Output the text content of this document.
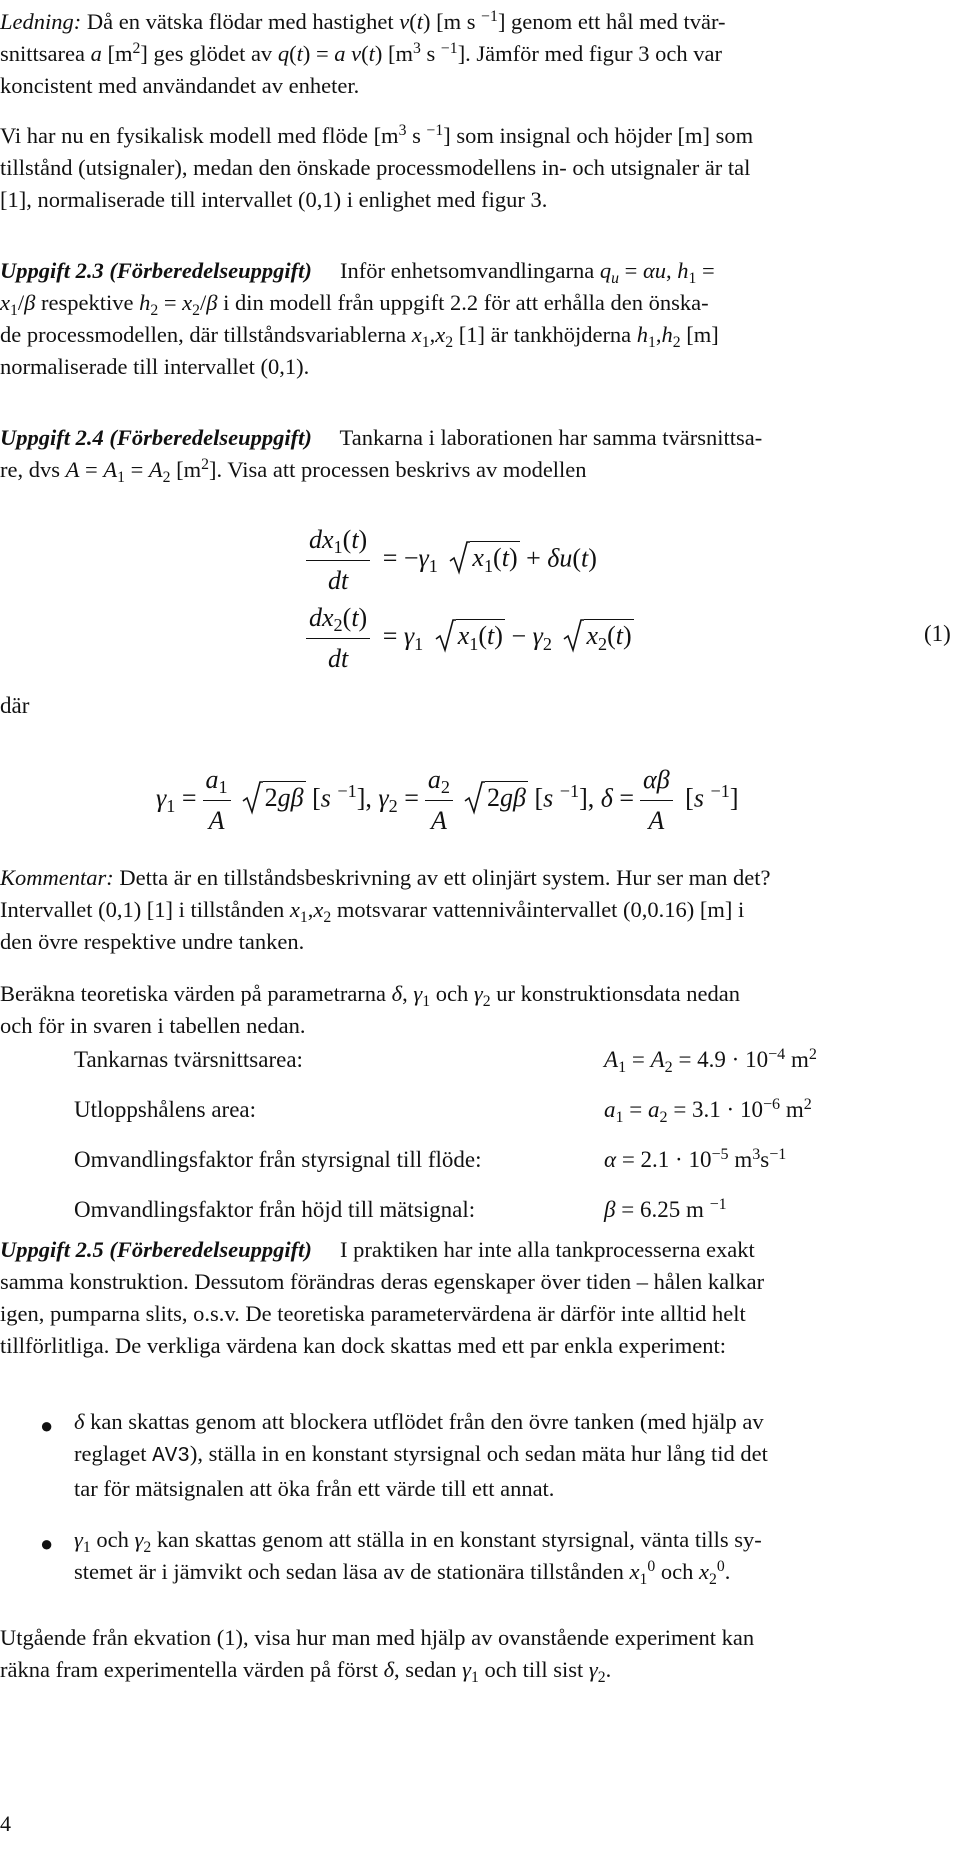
Ledning: Då en vätska flödar med hastighet v(t) [m s $^{-1}$] genom ett hål med tvär-
snittsarea a $[m^2]$ ges glödet av q(t) = a v(t) [$m^3$ s $^{-1}$]. Jämför med figur 3 och var
koncistent med användandet av enheter.

Vi har nu en fysikalisk modell med flöde [$m^3$ s $^{-1}$] som insignal och höjder [m] som
tillstånd (utsignaler), medan den önskade processmodellens in- och utsignaler är tal
[1], normaliserade till intervallet (0,1) i enlighet med figur 3.

Uppgift 2.3 (Förberedelseuppgift)     Inför enhetsomvandlingarna $q_u = \alpha u$, $h_1$ =
$x_1/\beta$ respektive $h_2 = x_2/\beta$ i din modell från uppgift 2.2 för att erhålla den önska-
de processmodellen, där tillståndsvariablerna $x_1,x_2$ [1] är tankhöjderna $h_1,h_2$ [m]
normaliserade till intervallet (0,1).

Uppgift 2.4 (Förberedelseuppgift)     Tankarna i laborationen har samma tvärsnittsa-
re, dvs $A = A_1 = A_2$ $[m^2]$. Visa att processen beskrivs av modellen

$\frac{dx_1(t)}{dt} = -\gamma_1$ $x_1(t) + \delta u(t)$
$\frac{dx_2(t)}{dt} = \gamma_1$ $x_1(t) - \gamma_2$ $x_2(t)$	(1)
där
$\gamma_1 = \frac{a_1}{A} 2g\beta$ [s $^{-1}$], $\gamma_2 = \frac{a_2}{A} 2g\beta$ [s $^{-1}$], $\delta = \frac{\alpha\beta}{A} [s$ $^{-1}$]

Kommentar: Detta är en tillståndsbeskrivning av ett olinjärt system. Hur ser man det?
Intervallet (0,1) [1] i tillstånden $x_1,x_2$ motsvarar vattennivåintervallet (0,0.16) [m] i
den övre respektive undre tanken.

Beräkna teoretiska värden på parametrarna δ, $\gamma_1$ och $\gamma_2$ ur konstruktionsdata nedan
och för in svaren i tabellen nedan.

Tankarnas tvärsnittsarea:	$A_1 = A_2 = 4.9 \cdot 10^{-4}$ $m^2$
Utloppshålens area:	$a_1 = a_2 = 3.1 \cdot 10^{-6}$ $m^2$
Omvandlingsfaktor från styrsignal till flöde:	$\alpha = 2.1 \cdot 10^{-5}$ $m^3s^{-1}$
Omvandlingsfaktor från höjd till mätsignal:	β = 6.25 m $^{-1}$

Uppgift 2.5 (Förberedelseuppgift)     I praktiken har inte alla tankprocesserna exakt
samma konstruktion. Dessutom förändras deras egenskaper över tiden – hålen kalkar
igen, pumparna slits, o.s.v. De teoretiska parametervärdena är därför inte alltid helt
tillförlitliga. De verkliga värdena kan dock skattas med ett par enkla experiment:

● δ kan skattas genom att blockera utflödet från den övre tanken (med hjälp av
reglaget AV3), ställa in en konstant styrsignal och sedan mäta hur lång tid det
tar för mätsignalen att öka från ett värde till ett annat.
● $\gamma_1$ och $\gamma_2$ kan skattas genom att ställa in en konstant styrsignal, vänta tills sy-
stemet är i jämvikt och sedan läsa av de stationära tillstånden $x_1^0$ och $x_2^0$.

Utgående från ekvation (1), visa hur man med hjälp av ovanstående experiment kan
räkna fram experimentella värden på först δ, sedan $\gamma_1$ och till sist $\gamma_2$.

4
